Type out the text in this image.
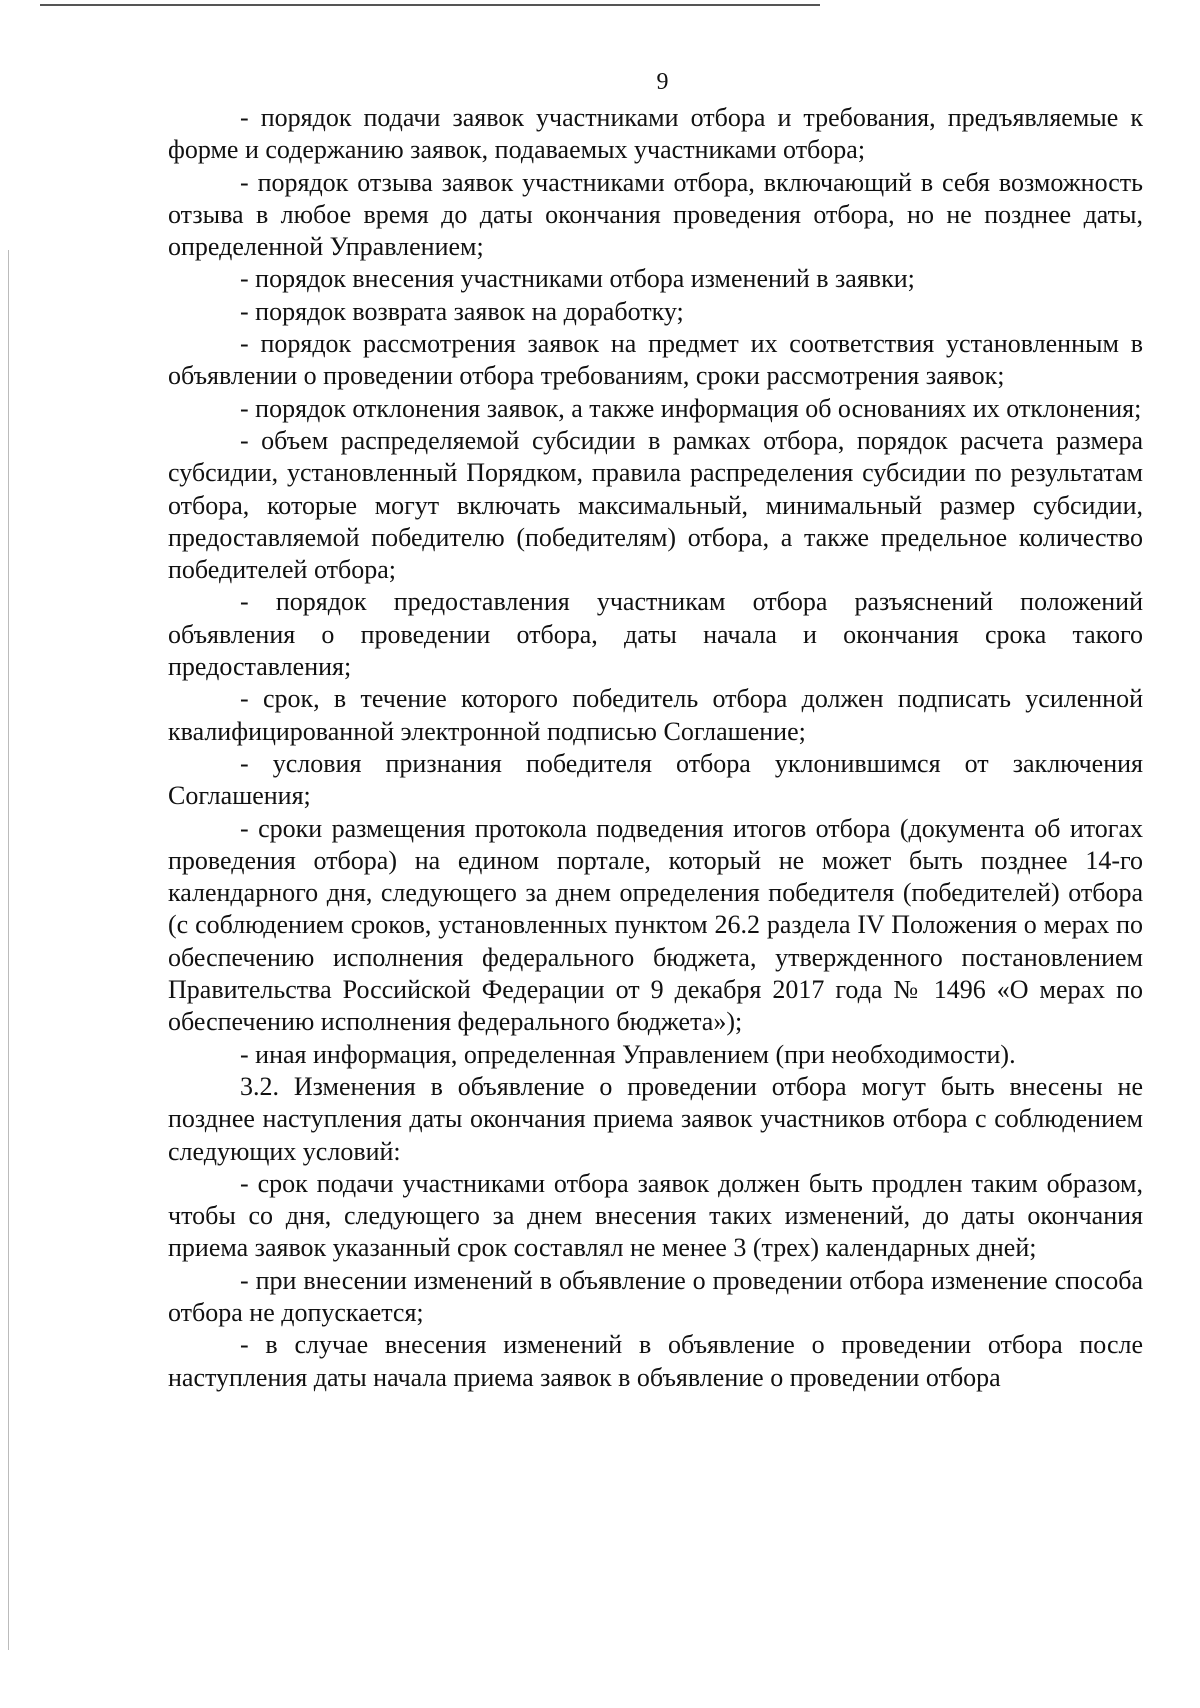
9

- порядок подачи заявок участниками отбора и требования, предъявляемые к форме и содержанию заявок, подаваемых участниками отбора;

- порядок отзыва заявок участниками отбора, включающий в себя возможность отзыва в любое время до даты окончания проведения отбора, но не позднее даты, определенной Управлением;

- порядок внесения участниками отбора изменений в заявки;

- порядок возврата заявок на доработку;

- порядок рассмотрения заявок на предмет их соответствия установленным в объявлении о проведении отбора требованиям, сроки рассмотрения заявок;

- порядок отклонения заявок, а также информация об основаниях их отклонения;

- объем распределяемой субсидии в рамках отбора, порядок расчета размера субсидии, установленный Порядком, правила распределения субсидии по результатам отбора, которые могут включать максимальный, минимальный размер субсидии, предоставляемой победителю (победителям) отбора, а также предельное количество победителей отбора;

- порядок предоставления участникам отбора разъяснений положений объявления о проведении отбора, даты начала и окончания срока такого предоставления;

- срок, в течение которого победитель отбора должен подписать усиленной квалифицированной электронной подписью Соглашение;

- условия признания победителя отбора уклонившимся от заключения Соглашения;

- сроки размещения протокола подведения итогов отбора (документа об итогах проведения отбора) на едином портале, который не может быть позднее 14-го календарного дня, следующего за днем определения победителя (победителей) отбора (с соблюдением сроков, установленных пунктом 26.2 раздела IV Положения о мерах по обеспечению исполнения федерального бюджета, утвержденного постановлением Правительства Российской Федерации от 9 декабря 2017 года № 1496 «О мерах по обеспечению исполнения федерального бюджета»);

- иная информация, определенная Управлением (при необходимости).

3.2. Изменения в объявление о проведении отбора могут быть внесены не позднее наступления даты окончания приема заявок участников отбора с соблюдением следующих условий:

- срок подачи участниками отбора заявок должен быть продлен таким образом, чтобы со дня, следующего за днем внесения таких изменений, до даты окончания приема заявок указанный срок составлял не менее 3 (трех) календарных дней;

- при внесении изменений в объявление о проведении отбора изменение способа отбора не допускается;

- в случае внесения изменений в объявление о проведении отбора после наступления даты начала приема заявок в объявление о проведении отбора
